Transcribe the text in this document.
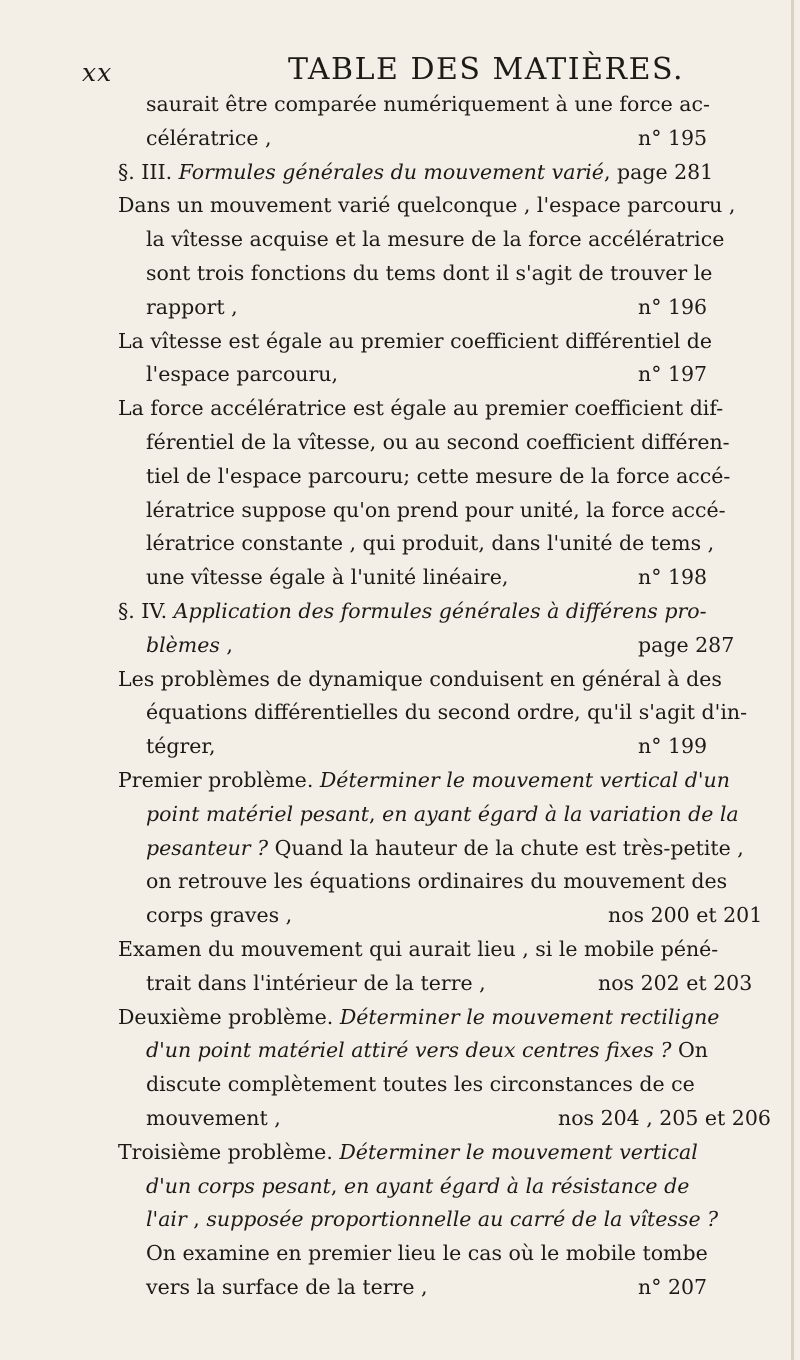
xx	TABLE DES MATIÈRES.
saurait être comparée numériquement à une force ac-
célératrice ,	n° 195
§. III. Formules générales du mouvement varié, page 281
Dans un mouvement varié quelconque , l'espace parcouru ,
la vîtesse acquise et la mesure de la force accélératrice
sont trois fonctions du tems dont il s'agit de trouver le
rapport ,	n° 196
La vîtesse est égale au premier coefficient différentiel de
l'espace parcouru,	n° 197
La force accélératrice est égale au premier coefficient dif-
férentiel de la vîtesse, ou au second coefficient différen-
tiel de l'espace parcouru; cette mesure de la force accé-
lératrice suppose qu'on prend pour unité, la force accé-
lératrice constante , qui produit, dans l'unité de tems ,
une vîtesse égale à l'unité linéaire,	n° 198
§. IV. Application des formules générales à différens pro-
blèmes ,	page 287
Les problèmes de dynamique conduisent en général à des
équations différentielles du second ordre, qu'il s'agit d'in-
tégrer,	n° 199
Premier problème. Déterminer le mouvement vertical d'un
point matériel pesant, en ayant égard à la variation de la
pesanteur ? Quand la hauteur de la chute est très-petite ,
on retrouve les équations ordinaires du mouvement des
corps graves ,	nos 200 et 201
Examen du mouvement qui aurait lieu , si le mobile péné-
trait dans l'intérieur de la terre ,	nos 202 et 203
Deuxième problème. Déterminer le mouvement rectiligne
d'un point matériel attiré vers deux centres fixes ? On
discute complètement toutes les circonstances de ce
mouvement ,	nos 204 , 205 et 206
Troisième problème. Déterminer le mouvement vertical
d'un corps pesant, en ayant égard à la résistance de
l'air , supposée proportionnelle au carré de la vîtesse ?
On examine en premier lieu le cas où le mobile tombe
vers la surface de la terre ,	n° 207
